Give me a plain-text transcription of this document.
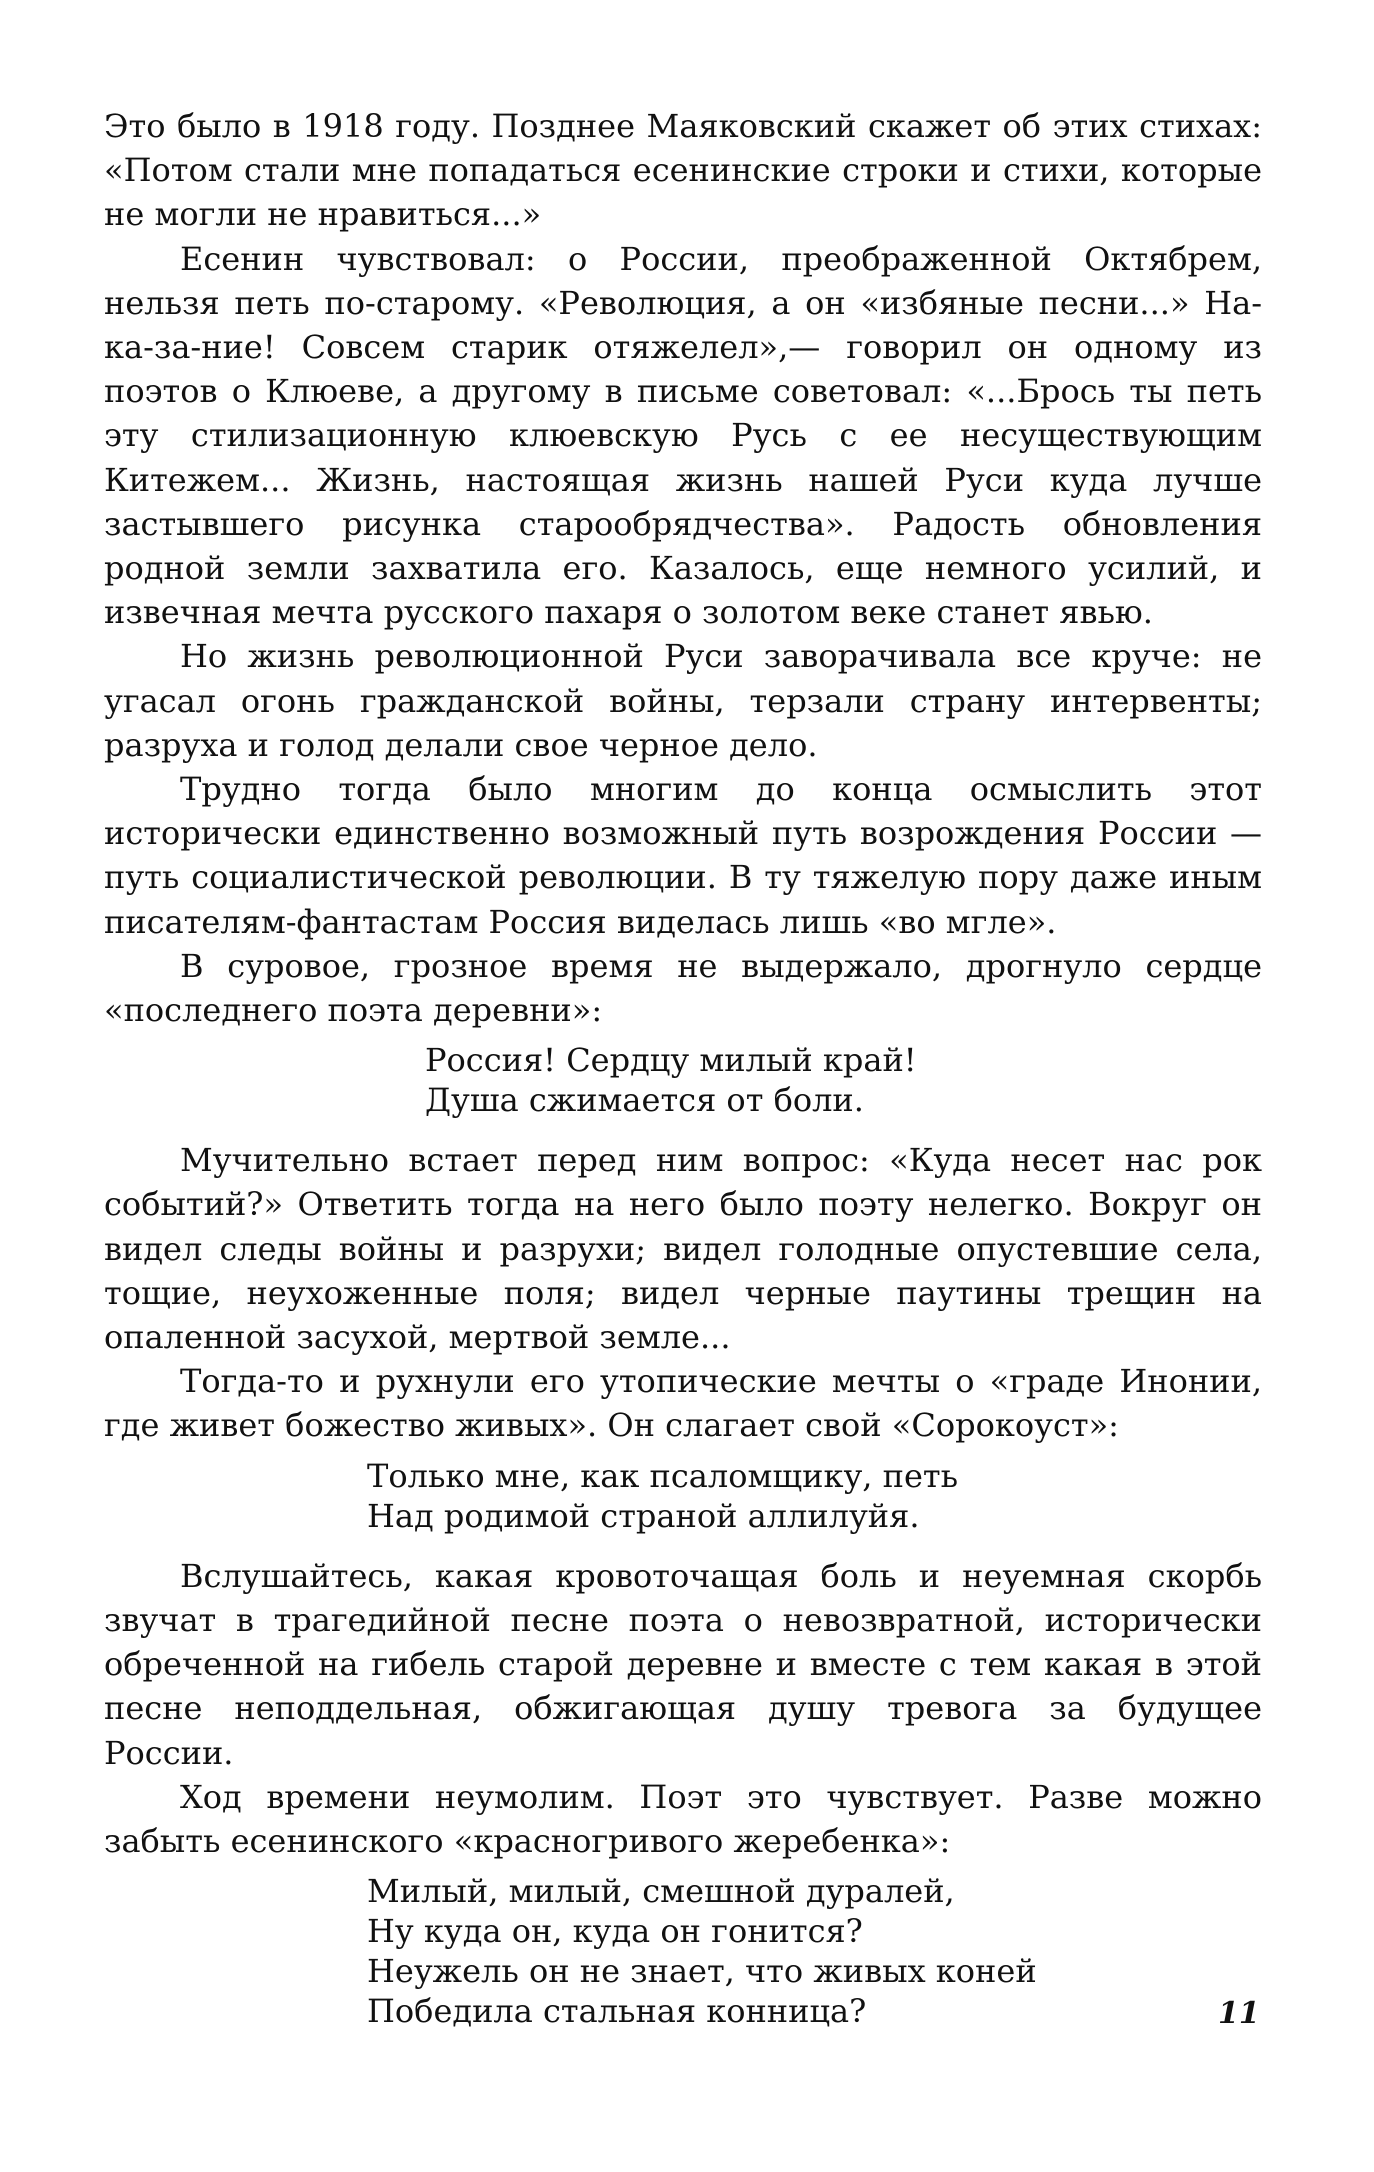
Это было в 1918 году. Позднее Маяковский скажет об этих стихах: «Потом стали мне попадаться есенинские строки и стихи, которые не могли не нравиться...»

Есенин чувствовал: о России, преображенной Октябрем, нельзя петь по-старому. «Революция, а он «избяные песни...» На-ка-за-ние! Совсем старик отяжелел»,— говорил он одному из поэтов о Клюеве, а другому в письме советовал: «...Брось ты петь эту стилизационную клюевскую Русь с ее несуществующим Китежем... Жизнь, настоящая жизнь нашей Руси куда лучше застывшего рисунка старообрядчества». Радость обновления родной земли захватила его. Казалось, еще немного усилий, и извечная мечта русского пахаря о золотом веке станет явью.

Но жизнь революционной Руси заворачивала все круче: не угасал огонь гражданской войны, терзали страну интервенты; разруха и голод делали свое черное дело.

Трудно тогда было многим до конца осмыслить этот исторически единственно возможный путь возрождения России — путь социалистической революции. В ту тяжелую пору даже иным писателям-фантастам Россия виделась лишь «во мгле».

В суровое, грозное время не выдержало, дрогнуло сердце «последнего поэта деревни»:

Россия! Сердцу милый край!
Душа сжимается от боли.

Мучительно встает перед ним вопрос: «Куда несет нас рок событий?» Ответить тогда на него было поэту нелегко. Вокруг он видел следы войны и разрухи; видел голодные опустевшие села, тощие, неухоженные поля; видел черные паутины трещин на опаленной засухой, мертвой земле...

Тогда-то и рухнули его утопические мечты о «граде Инонии, где живет божество живых». Он слагает свой «Сорокоуст»:

Только мне, как псаломщику, петь
Над родимой страной аллилуйя.

Вслушайтесь, какая кровоточащая боль и неуемная скорбь звучат в трагедийной песне поэта о невозвратной, исторически обреченной на гибель старой деревне и вместе с тем какая в этой песне неподдельная, обжигающая душу тревога за будущее России.

Ход времени неумолим. Поэт это чувствует. Разве можно забыть есенинского «красногривого жеребенка»:

Милый, милый, смешной дуралей,
Ну куда он, куда он гонится?
Неужель он не знает, что живых коней
Победила стальная конница?	11
